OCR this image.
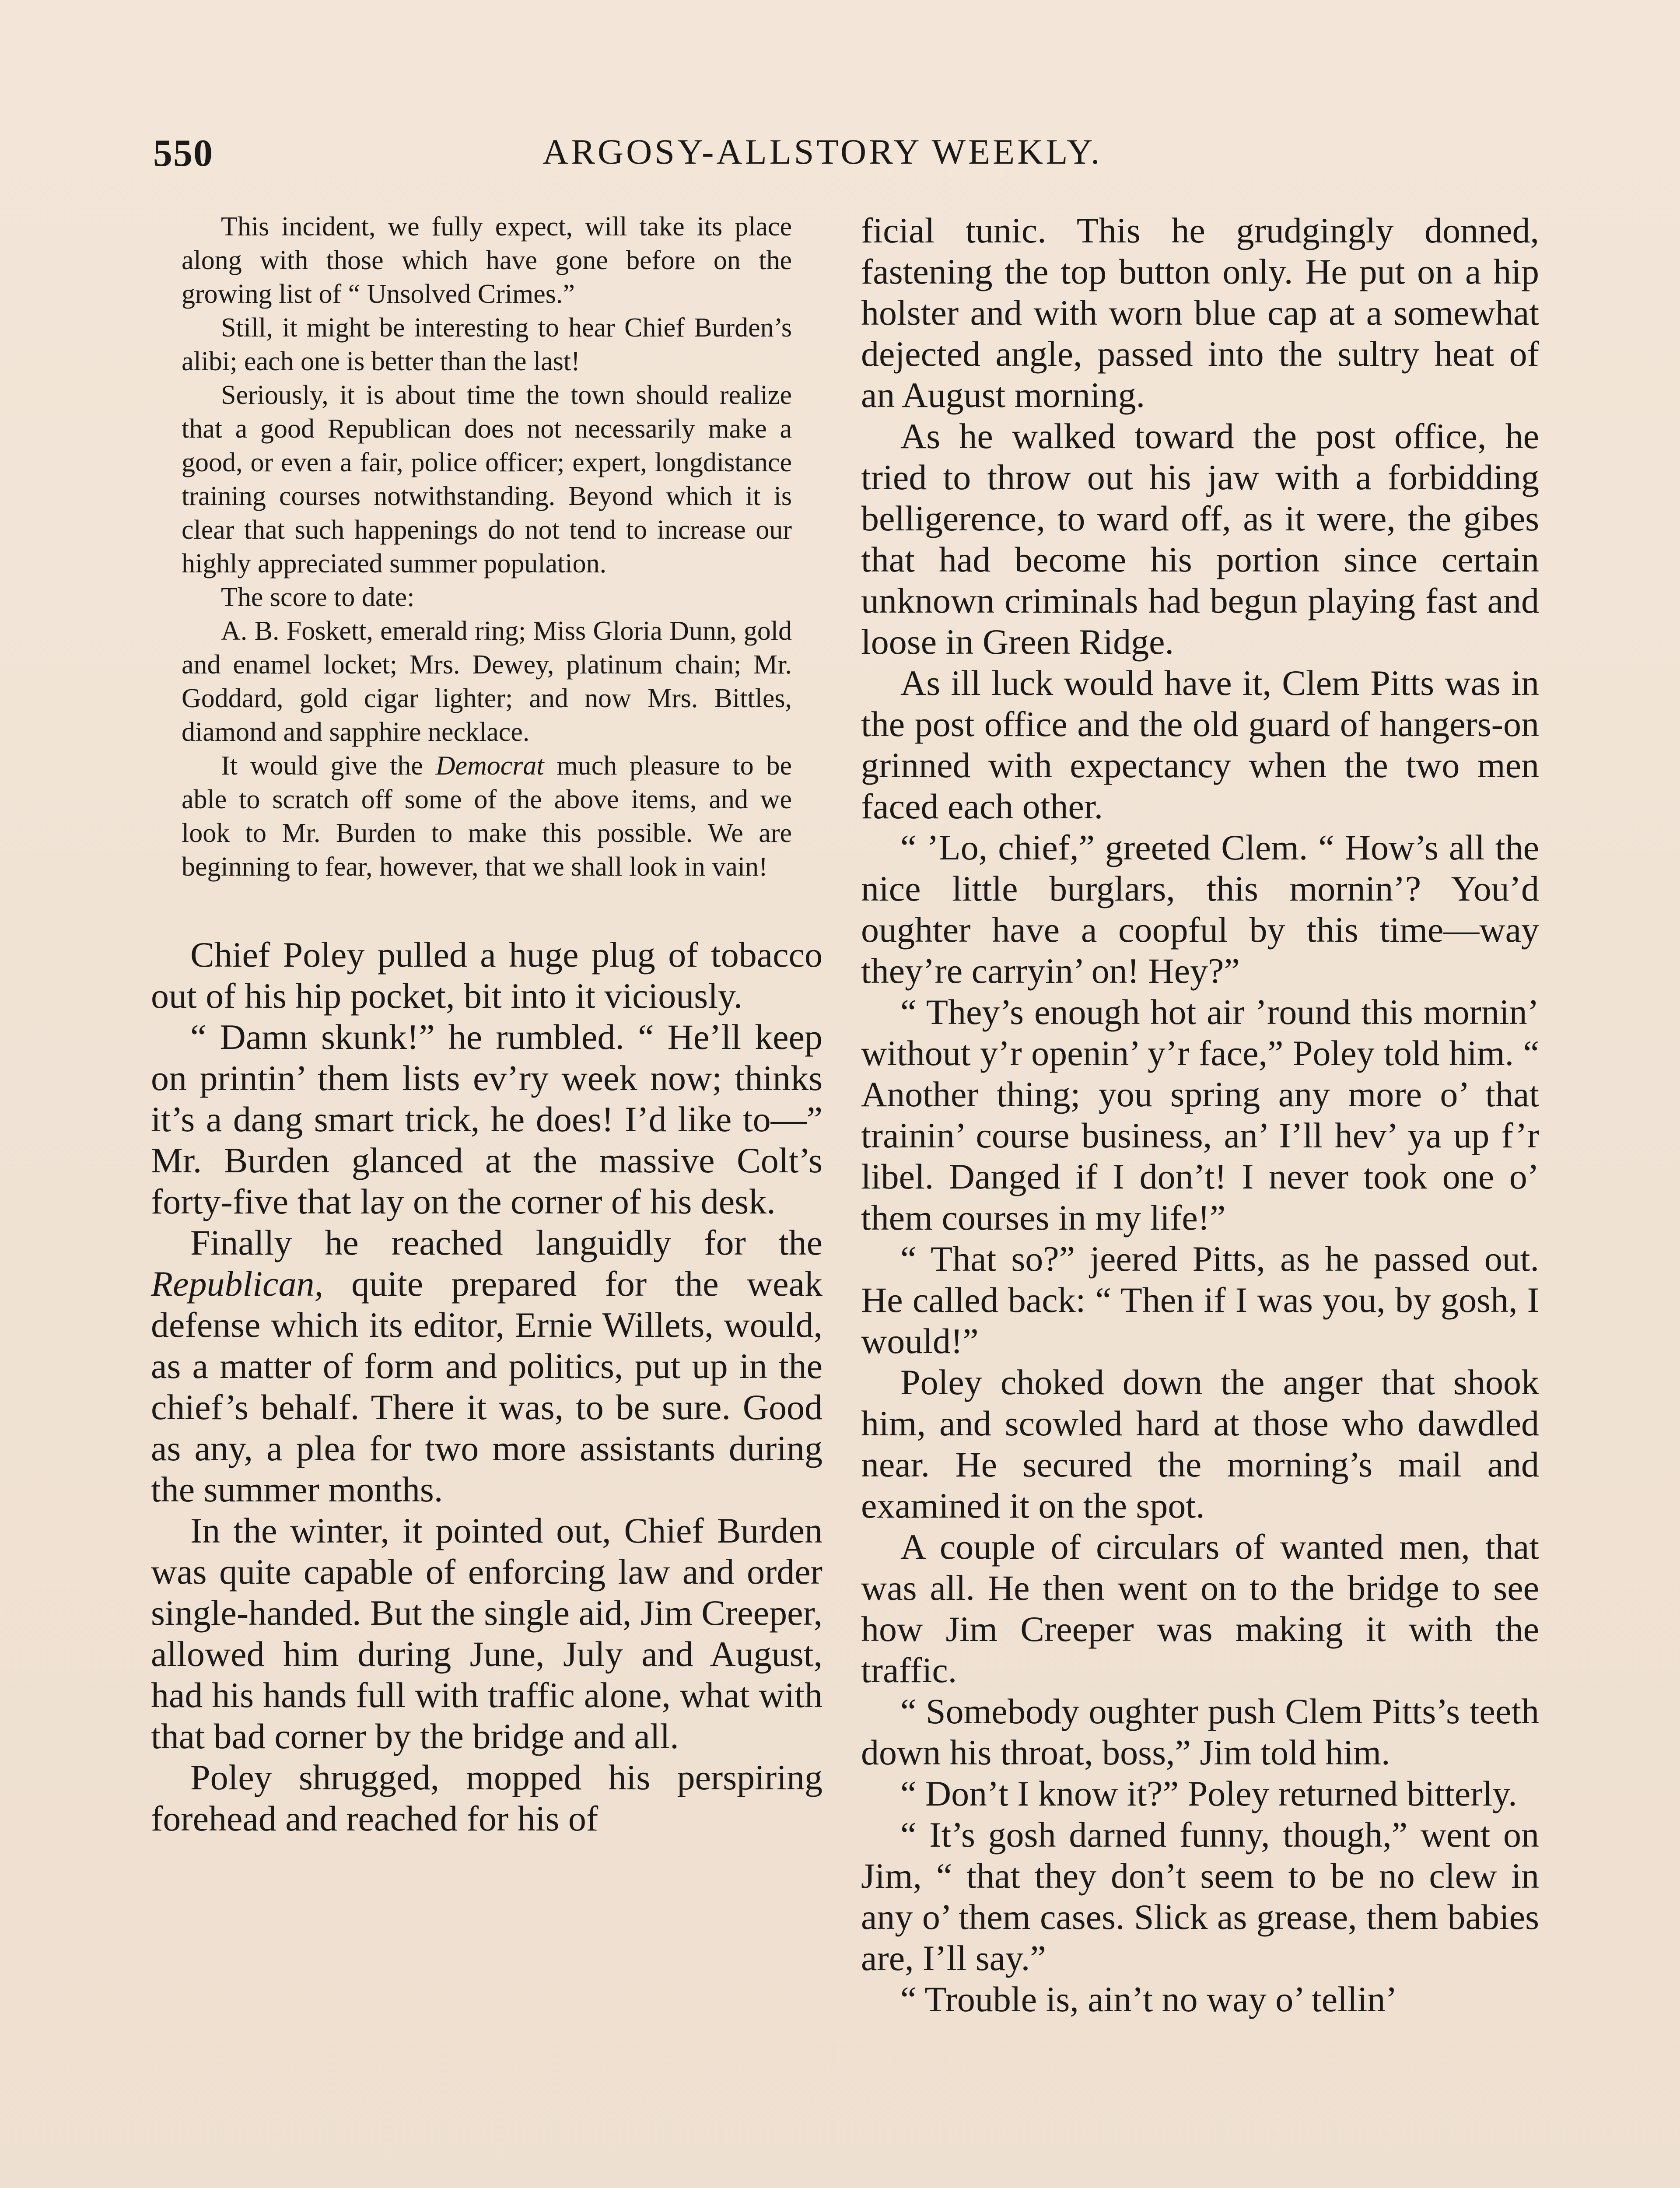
550	ARGOSY-ALLSTORY WEEKLY.

This incident, we fully expect, will take its place along with those which have gone before on the growing list of “ Unsolved Crimes.”

Still, it might be interesting to hear Chief Burden’s alibi; each one is better than the last!

Seriously, it is about time the town should realize that a good Republican does not necessarily make a good, or even a fair, police officer; expert, longdistance training courses notwithstanding. Beyond which it is clear that such happenings do not tend to increase our highly appreciated summer population.

The score to date:

A. B. Foskett, emerald ring; Miss Gloria Dunn, gold and enamel locket; Mrs. Dewey, platinum chain; Mr. Goddard, gold cigar lighter; and now Mrs. Bittles, diamond and sapphire necklace.

It would give the Democrat much pleasure to be able to scratch off some of the above items, and we look to Mr. Burden to make this possible. We are beginning to fear, however, that we shall look in vain!

Chief Poley pulled a huge plug of tobacco out of his hip pocket, bit into it viciously.

“ Damn skunk!” he rumbled. “ He’ll keep on printin’ them lists ev’ry week now; thinks it’s a dang smart trick, he does! I’d like to—” Mr. Burden glanced at the massive Colt’s forty-five that lay on the corner of his desk.

Finally he reached languidly for the Republican, quite prepared for the weak defense which its editor, Ernie Willets, would, as a matter of form and politics, put up in the chief’s behalf. There it was, to be sure. Good as any, a plea for two more assistants during the summer months.

In the winter, it pointed out, Chief Burden was quite capable of enforcing law and order single-handed. But the single aid, Jim Creeper, allowed him during June, July and August, had his hands full with traffic alone, what with that bad corner by the bridge and all.

Poley shrugged, mopped his perspiring forehead and reached for his of

ficial tunic. This he grudgingly donned, fastening the top button only. He put on a hip holster and with worn blue cap at a somewhat dejected angle, passed into the sultry heat of an August morning.

As he walked toward the post office, he tried to throw out his jaw with a forbidding belligerence, to ward off, as it were, the gibes that had become his portion since certain unknown criminals had begun playing fast and loose in Green Ridge.

As ill luck would have it, Clem Pitts was in the post office and the old guard of hangers-on grinned with expectancy when the two men faced each other.

“ ’Lo, chief,” greeted Clem. “ How’s all the nice little burglars, this mornin’? You’d oughter have a coopful by this time—way they’re carryin’ on! Hey?”

“ They’s enough hot air ’round this mornin’ without y’r openin’ y’r face,” Poley told him. “ Another thing; you spring any more o’ that trainin’ course business, an’ I’ll hev’ ya up f’r libel. Danged if I don’t! I never took one o’ them courses in my life!”

“ That so?” jeered Pitts, as he passed out. He called back: “ Then if I was you, by gosh, I would!”

Poley choked down the anger that shook him, and scowled hard at those who dawdled near. He secured the morning’s mail and examined it on the spot.

A couple of circulars of wanted men, that was all. He then went on to the bridge to see how Jim Creeper was making it with the traffic.

“ Somebody oughter push Clem Pitts’s teeth down his throat, boss,” Jim told him.

“ Don’t I know it?” Poley returned bitterly.

“ It’s gosh darned funny, though,” went on Jim, “ that they don’t seem to be no clew in any o’ them cases. Slick as grease, them babies are, I’ll say.”

“ Trouble is, ain’t no way o’ tellin’
